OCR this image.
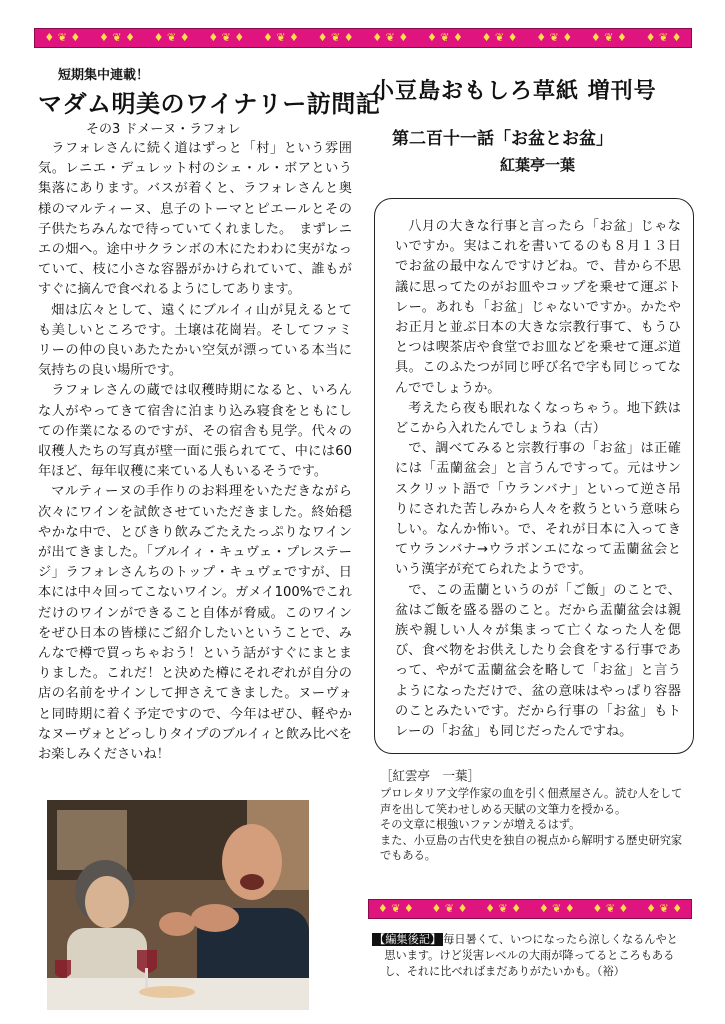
♦ ❦ ♦ ♦ ❦ ♦ ♦ ❦ ♦ ♦ ❦ ♦ ♦ ❦ ♦ ♦ ❦ ♦ ♦ ❦ ♦ ♦ ❦ ♦ ♦ ❦ ♦ ♦ ❦ ♦ ♦ ❦ ♦ ♦ ❦ ♦
短期集中連載！
マダム明美のワイナリー訪問記
その3 ドメーヌ・ラフォレ

ラフォレさんに続く道はずっと「村」という雰囲気。レニエ・デュレット村のシェ・ル・ボアという集落にあります。バスが着くと、ラフォレさんと奥様のマルティーヌ、息子のトーマとピエールとその子供たちみんなで待っていてくれました。　まずレニエの畑へ。途中サクランボの木にたわわに実がなっていて、枝に小さな容器がかけられていて、誰もがすぐに摘んで食べれるようにしてあります。

畑は広々として、遠くにブルイィ山が見えるとても美しいところです。土壌は花崗岩。そしてファミリーの仲の良いあたたかい空気が漂っている本当に気持ちの良い場所です。

ラフォレさんの蔵では収穫時期になると、いろんな人がやってきて宿舎に泊まり込み寝食をともにしての作業になるのですが、その宿舎も見学。代々の収穫人たちの写真が壁一面に張られてて、中には60年ほど、毎年収穫に来ている人もいるそうです。

マルティーヌの手作りのお料理をいただきながら次々にワインを試飲させていただきました。終始穏やかな中で、とびきり飲みごたえたっぷりなワインが出てきました。「ブルイィ・キュヴェ・プレステージ」ラフォレさんちのトップ・キュヴェですが、日本には中々回ってこないワイン。ガメイ100%でこれだけのワインができること自体が脅威。このワインをぜひ日本の皆様にご紹介したいということで、みんなで樽で買っちゃおう！という話がすぐにまとまりました。これだ！と決めた樽にそれぞれが自分の店の名前をサインして押さえてきました。ヌーヴォと同時期に着く予定ですので、今年はぜひ、軽やかなヌーヴォとどっしりタイプのブルイィと飲み比べをお楽しみくださいね！

小豆島おもしろ草紙 増刊号
第二百十一話「お盆とお盆」
紅葉亭一葉

八月の大きな行事と言ったら「お盆」じゃないですか。実はこれを書いてるのも８月１３日でお盆の最中なんですけどね。で、昔から不思議に思ってたのがお皿やコップを乗せて運ぶトレー。あれも「お盆」じゃないですか。かたやお正月と並ぶ日本の大きな宗教行事て、もうひとつは喫茶店や食堂でお皿などを乗せて運ぶ道具。このふたつが同じ呼び名で字も同じってなんででしょうか。

考えたら夜も眠れなくなっちゃう。地下鉄はどこから入れたんでしょうね（古）

で、調べてみると宗教行事の「お盆」は正確には「盂蘭盆会」と言うんですって。元はサンスクリット語で「ウランバナ」といって逆さ吊りにされた苦しみから人々を救うという意味らしい。なんか怖い。で、それが日本に入ってきてウランバナ→ウラボンエになって盂蘭盆会という漢字が充てられたようです。

で、この盂蘭というのが「ご飯」のことで、盆はご飯を盛る器のこと。だから盂蘭盆会は親族や親しい人々が集まって亡くなった人を偲び、食べ物をお供えしたり会食をする行事であって、やがて盂蘭盆会を略して「お盆」と言うようになっただけで、盆の意味はやっぱり容器のことみたいです。だから行事の「お盆」もトレーの「お盆」も同じだったんですね。

［紅雲亭　一葉］

プロレタリア文学作家の血を引く佃煮屋さん。読む人をして声を出して笑わせしめる天賦の文筆力を授かる。

その文章に根強いファンが増えるはず。

また、小豆島の古代史を独自の視点から解明する歴史研究家でもある。

♦ ❦ ♦ ♦ ❦ ♦ ♦ ❦ ♦ ♦ ❦ ♦ ♦ ❦ ♦ ♦ ❦ ♦
【編集後記】 毎日暑くて、いつになったら涼しくなるんやと
思います。けど災害レベルの大雨が降ってるところもある
し、それに比べればまだありがたいかも。（裕）
